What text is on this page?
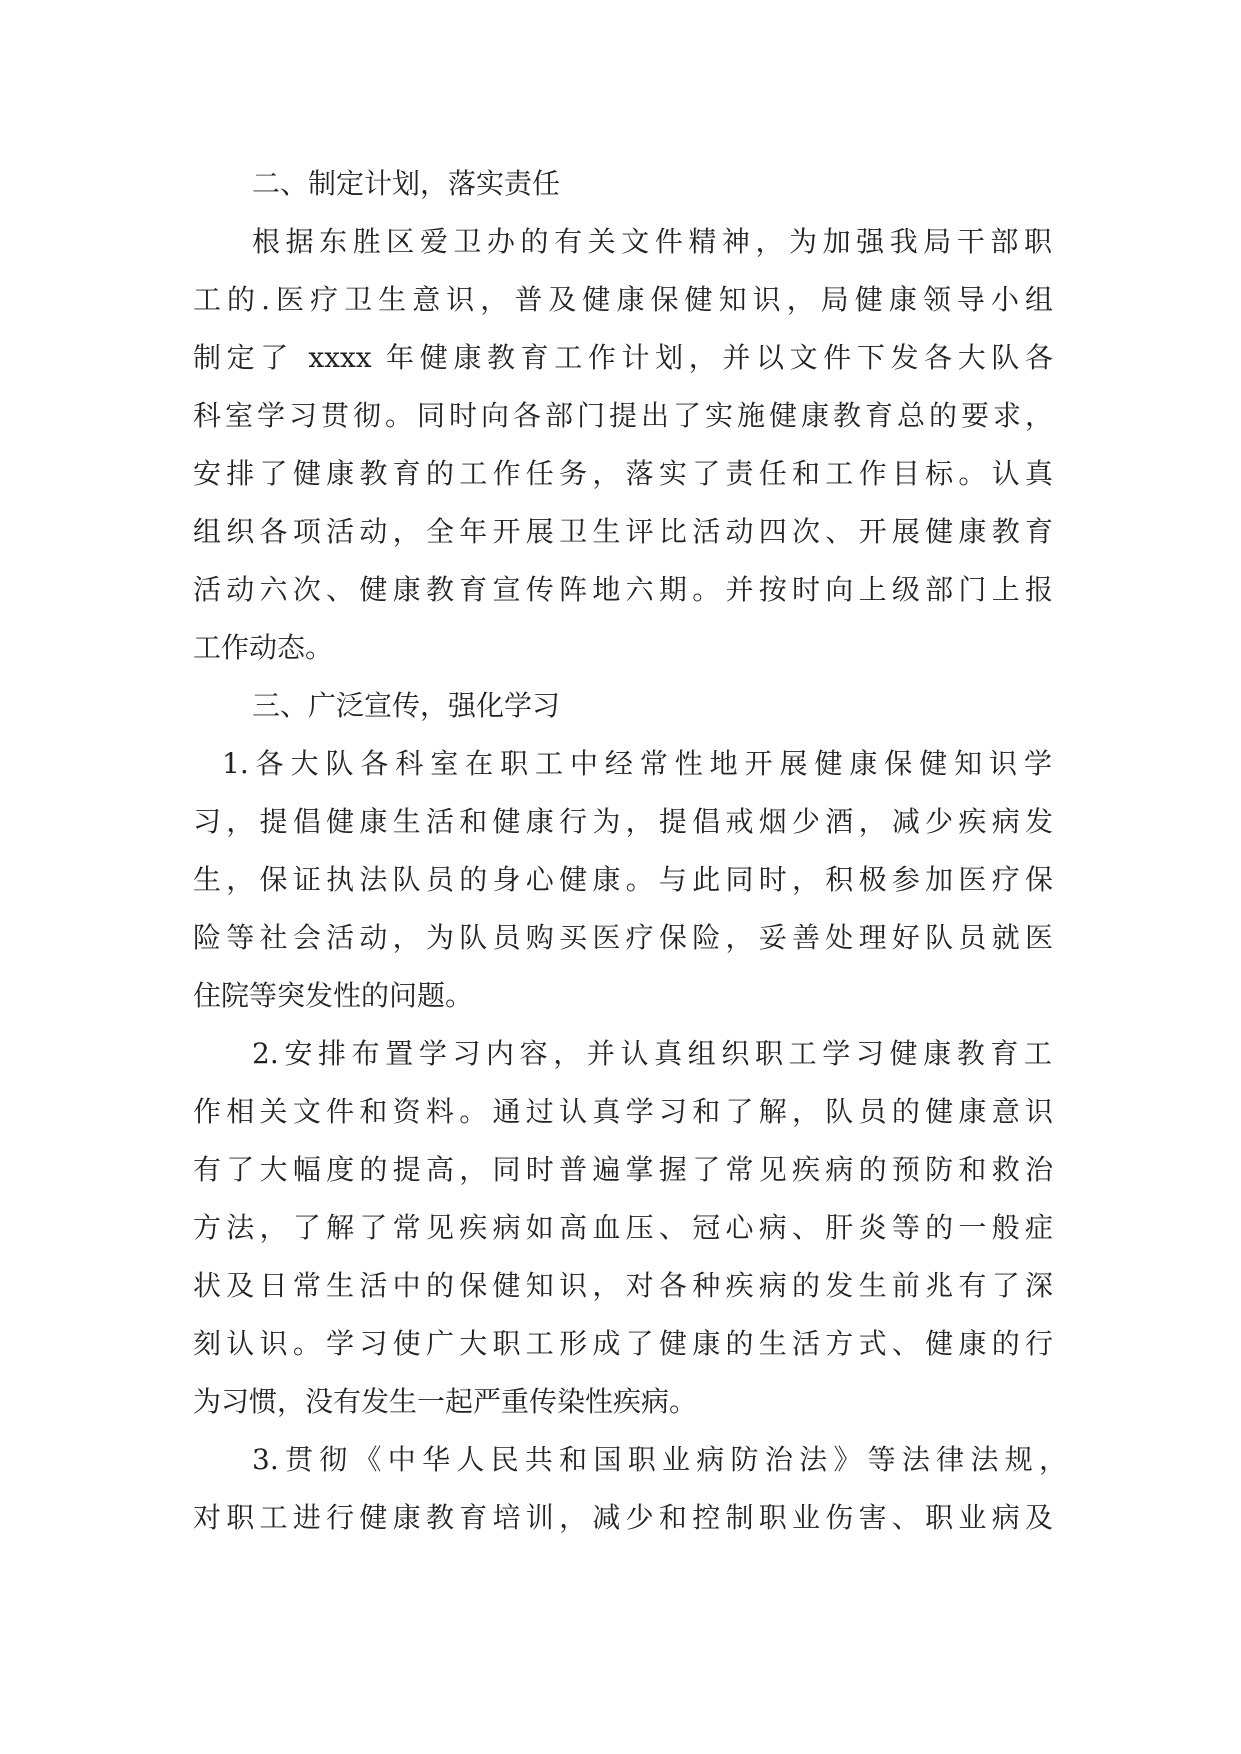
二、制定计划，落实责任
根据东胜区爱卫办的有关文件精神，为加强我局干部职
工的.医疗卫生意识，普及健康保健知识，局健康领导小组
制定了 xxxx 年健康教育工作计划，并以文件下发各大队各
科室学习贯彻。同时向各部门提出了实施健康教育总的要求，
安排了健康教育的工作任务，落实了责任和工作目标。认真
组织各项活动，全年开展卫生评比活动四次、开展健康教育
活动六次、健康教育宣传阵地六期。并按时向上级部门上报
工作动态。
三、广泛宣传，强化学习
1.各大队各科室在职工中经常性地开展健康保健知识学
习，提倡健康生活和健康行为，提倡戒烟少酒，减少疾病发
生，保证执法队员的身心健康。与此同时，积极参加医疗保
险等社会活动，为队员购买医疗保险，妥善处理好队员就医
住院等突发性的问题。
2.安排布置学习内容，并认真组织职工学习健康教育工
作相关文件和资料。通过认真学习和了解，队员的健康意识
有了大幅度的提高，同时普遍掌握了常见疾病的预防和救治
方法，了解了常见疾病如高血压、冠心病、肝炎等的一般症
状及日常生活中的保健知识，对各种疾病的发生前兆有了深
刻认识。学习使广大职工形成了健康的生活方式、健康的行
为习惯，没有发生一起严重传染性疾病。
3.贯彻《中华人民共和国职业病防治法》等法律法规，
对职工进行健康教育培训，减少和控制职业伤害、职业病及
